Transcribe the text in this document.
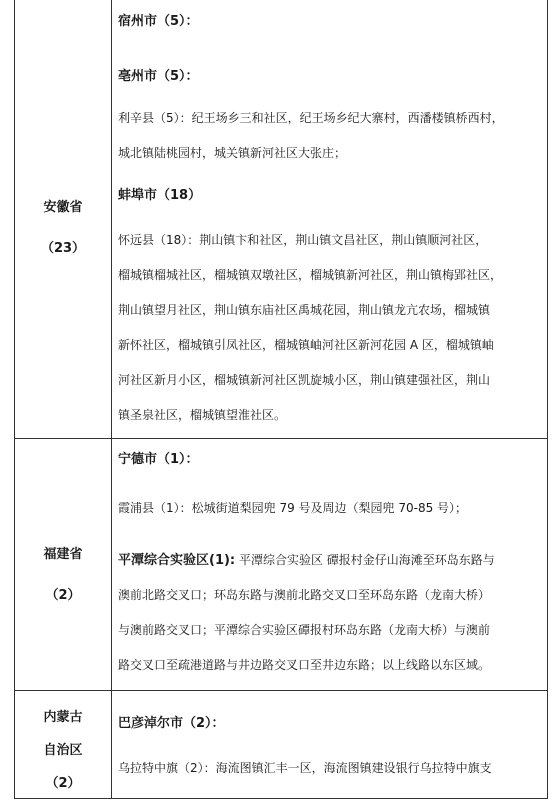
安徽省
（23）
宿州市（5）：
亳州市（5）：
利辛县（5）：纪王场乡三和社区，纪王场乡纪大寨村，西潘楼镇桥西村，
城北镇陆桃园村，城关镇新河社区大张庄；
蚌埠市（18）
怀远县（18）：荆山镇卞和社区，荆山镇文昌社区，荆山镇顺河社区，
榴城镇榴城社区，榴城镇双墩社区，榴城镇新河社区，荆山镇梅郢社区，
荆山镇望月社区，荆山镇东庙社区禹城花园，荆山镇龙亢农场，榴城镇
新怀社区，榴城镇引凤社区，榴城镇岫河社区新河花园 A 区，榴城镇岫
河社区新月小区，榴城镇新河社区凯旋城小区，荆山镇建强社区，荆山
镇圣泉社区，榴城镇望淮社区。
福建省
（2）
宁德市（1）：
霞浦县（1）：松城街道梨园兜 79 号及周边（梨园兜 70-85 号）；
平潭综合实验区(1): 平潭综合实验区 磹报村金仔山海滩至环岛东路与
澳前北路交叉口；环岛东路与澳前北路交叉口至环岛东路（龙南大桥）
与澳前路交叉口；平潭综合实验区磹报村环岛东路（龙南大桥）与澳前
路交叉口至疏港道路与井边路交叉口至井边东路；以上线路以东区域。
内蒙古
自治区
（2）
巴彦淖尔市（2）：
乌拉特中旗（2）：海流图镇汇丰一区，海流图镇建设银行乌拉特中旗支
